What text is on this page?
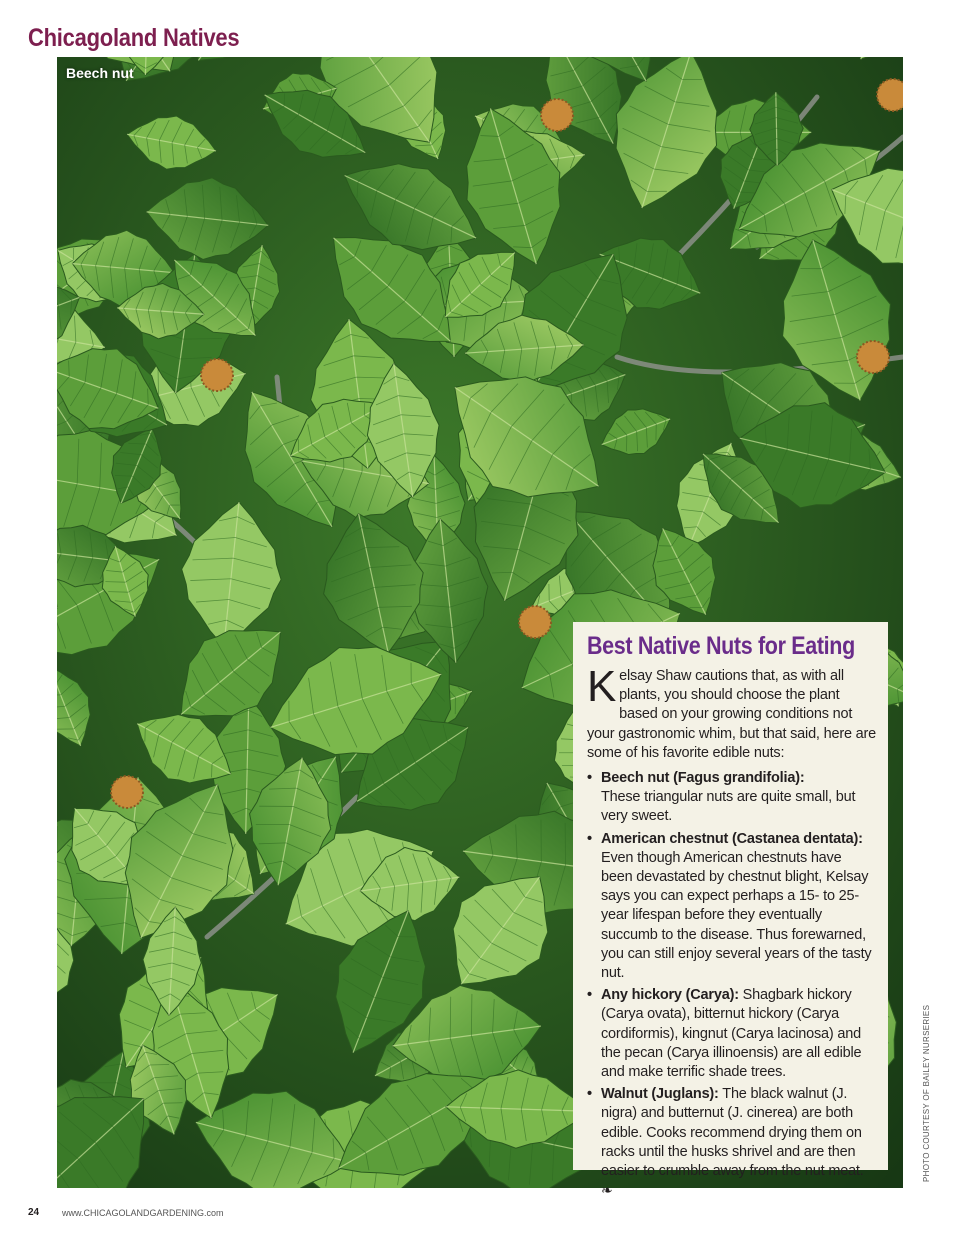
Chicagoland Natives
Beech nut
PHOTO COURTESY OF BAILEY NURSERIES
Best Native Nuts for Eating

Kelsay Shaw cautions that, as with all plants, you should choose the plant based on your growing conditions not your gastronomic whim, but that said, here are some of his favorite edible nuts:

• Beech nut (Fagus grandifolia):
These triangular nuts are quite small, but very sweet.
• American chestnut (Castanea dentata):
Even though American chestnuts have been devastated by chestnut blight, Kelsay says you can expect perhaps a 15- to 25-year lifespan before they eventually succumb to the disease. Thus forewarned, you can still enjoy several years of the tasty nut.
• Any hickory (Carya): Shagbark hickory (Carya ovata), bitternut hickory (Carya cordiformis), kingnut (Carya lacinosa) and the pecan (Carya illinoensis) are all edible and make terrific shade trees.
• Walnut (Juglans): The black walnut (J. nigra) and butternut (J. cinerea) are both edible. Cooks recommend drying them on racks until the husks shrivel and are then easier to crumble away from the nut meat. ❧
24	www.CHICAGOLANDGARDENING.com
